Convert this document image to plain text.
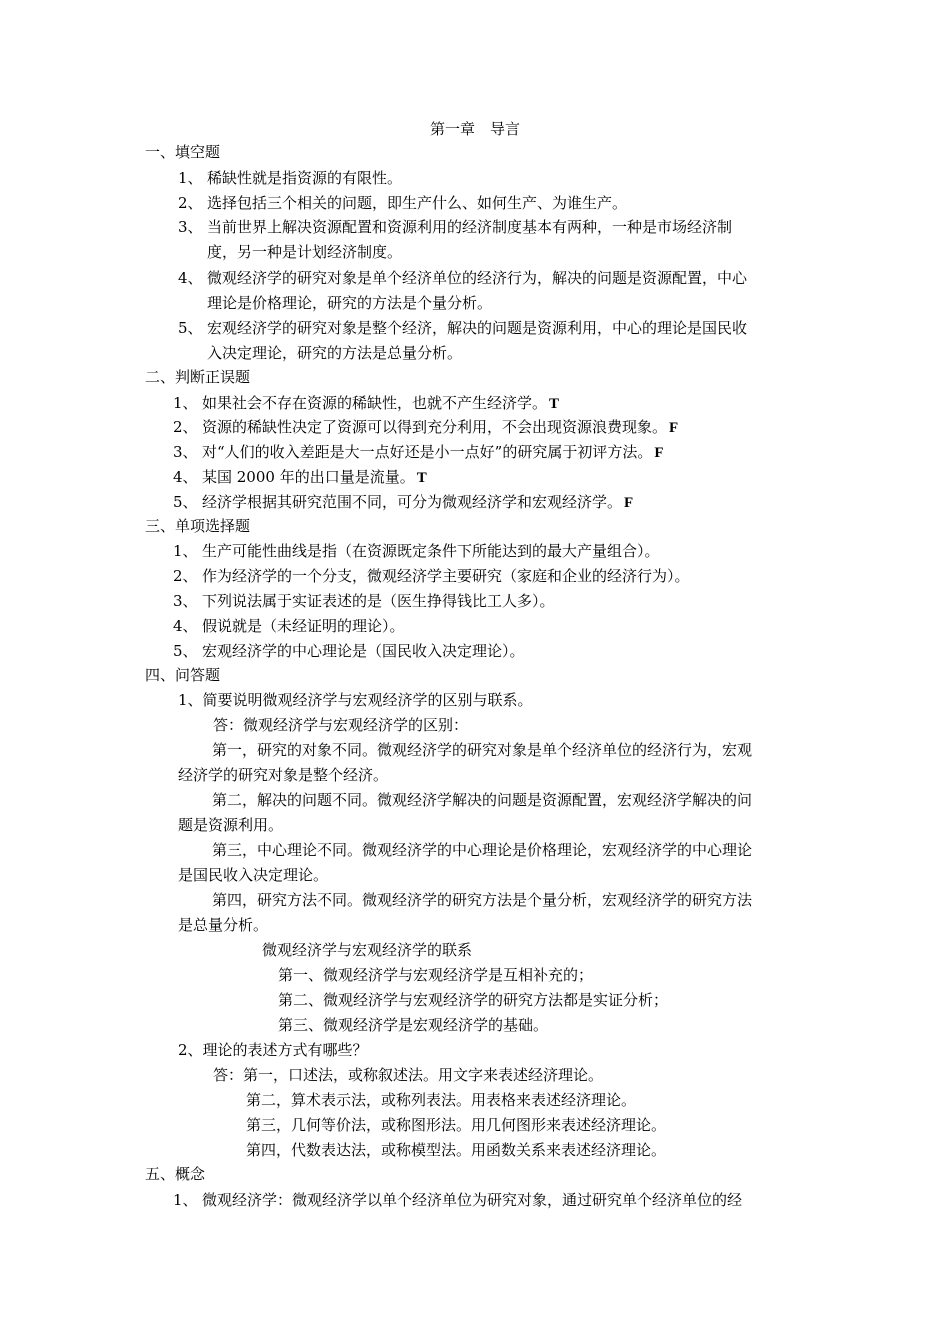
第一章　导言
一、填空题
1、 稀缺性就是指资源的有限性。
2、 选择包括三个相关的问题，即生产什么、如何生产、为谁生产。
3、 当前世界上解决资源配置和资源利用的经济制度基本有两种，一种是市场经济制
度，另一种是计划经济制度。
4、 微观经济学的研究对象是单个经济单位的经济行为，解决的问题是资源配置，中心
理论是价格理论，研究的方法是个量分析。
5、 宏观经济学的研究对象是整个经济，解决的问题是资源利用，中心的理论是国民收
入决定理论，研究的方法是总量分析。
二、判断正误题
1、 如果社会不存在资源的稀缺性，也就不产生经济学。 T
2、 资源的稀缺性决定了资源可以得到充分利用，不会出现资源浪费现象。 F
3、 对“人们的收入差距是大一点好还是小一点好”的研究属于初评方法。 F
4、 某国 2000 年的出口量是流量。 T
5、 经济学根据其研究范围不同，可分为微观经济学和宏观经济学。 F
三、单项选择题
1、 生产可能性曲线是指（在资源既定条件下所能达到的最大产量组合）。
2、 作为经济学的一个分支，微观经济学主要研究（家庭和企业的经济行为）。
3、 下列说法属于实证表述的是（医生挣得钱比工人多）。
4、 假说就是（未经证明的理论）。
5、 宏观经济学的中心理论是（国民收入决定理论）。
四、问答题
1、简要说明微观经济学与宏观经济学的区别与联系。
答：微观经济学与宏观经济学的区别：
第一，研究的对象不同。微观经济学的研究对象是单个经济单位的经济行为，宏观
经济学的研究对象是整个经济。
第二，解决的问题不同。微观经济学解决的问题是资源配置，宏观经济学解决的问
题是资源利用。
第三，中心理论不同。微观经济学的中心理论是价格理论，宏观经济学的中心理论
是国民收入决定理论。
第四，研究方法不同。微观经济学的研究方法是个量分析，宏观经济学的研究方法
是总量分析。
微观经济学与宏观经济学的联系
第一、微观经济学与宏观经济学是互相补充的；
第二、微观经济学与宏观经济学的研究方法都是实证分析；
第三、微观经济学是宏观经济学的基础。
2、理论的表述方式有哪些？
答：第一，口述法，或称叙述法。用文字来表述经济理论。
第二，算术表示法，或称列表法。用表格来表述经济理论。
第三，几何等价法，或称图形法。用几何图形来表述经济理论。
第四，代数表达法，或称模型法。用函数关系来表述经济理论。
五、概念
1、 微观经济学：微观经济学以单个经济单位为研究对象，通过研究单个经济单位的经
